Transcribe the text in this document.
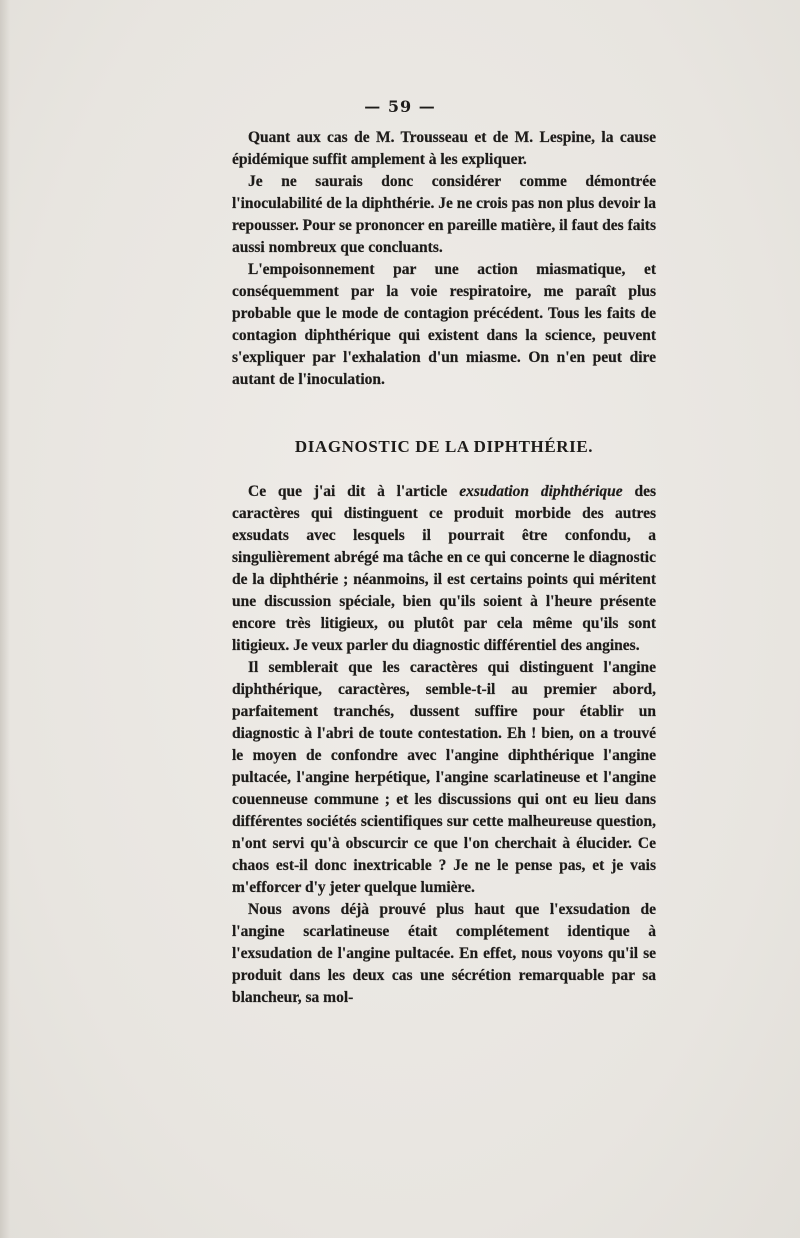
— 59 —

Quant aux cas de M. Trousseau et de M. Lespine, la cause épidémique suffit amplement à les expliquer.

Je ne saurais donc considérer comme démontrée l'inoculabilité de la diphthérie. Je ne crois pas non plus devoir la repousser. Pour se prononcer en pareille matière, il faut des faits aussi nombreux que concluants.

L'empoisonnement par une action miasmatique, et conséquemment par la voie respiratoire, me paraît plus probable que le mode de contagion précédent. Tous les faits de contagion diphthérique qui existent dans la science, peuvent s'expliquer par l'exhalation d'un miasme. On n'en peut dire autant de l'inoculation.

DIAGNOSTIC DE LA DIPHTHÉRIE.

Ce que j'ai dit à l'article exsudation diphthérique des caractères qui distinguent ce produit morbide des autres exsudats avec lesquels il pourrait être confondu, a singulièrement abrégé ma tâche en ce qui concerne le diagnostic de la diphthérie ; néanmoins, il est certains points qui méritent une discussion spéciale, bien qu'ils soient à l'heure présente encore très litigieux, ou plutôt par cela même qu'ils sont litigieux. Je veux parler du diagnostic différentiel des angines.

Il semblerait que les caractères qui distinguent l'angine diphthérique, caractères, semble-t-il au premier abord, parfaitement tranchés, dussent suffire pour établir un diagnostic à l'abri de toute contestation. Eh ! bien, on a trouvé le moyen de confondre avec l'angine diphthérique l'angine pultacée, l'angine herpétique, l'angine scarlatineuse et l'angine couenneuse commune ; et les discussions qui ont eu lieu dans différentes sociétés scientifiques sur cette malheureuse question, n'ont servi qu'à obscurcir ce que l'on cherchait à élucider. Ce chaos est-il donc inextricable ? Je ne le pense pas, et je vais m'efforcer d'y jeter quelque lumière.

Nous avons déjà prouvé plus haut que l'exsudation de l'angine scarlatineuse était complétement identique à l'exsudation de l'angine pultacée. En effet, nous voyons qu'il se produit dans les deux cas une sécrétion remarquable par sa blancheur, sa mol-
